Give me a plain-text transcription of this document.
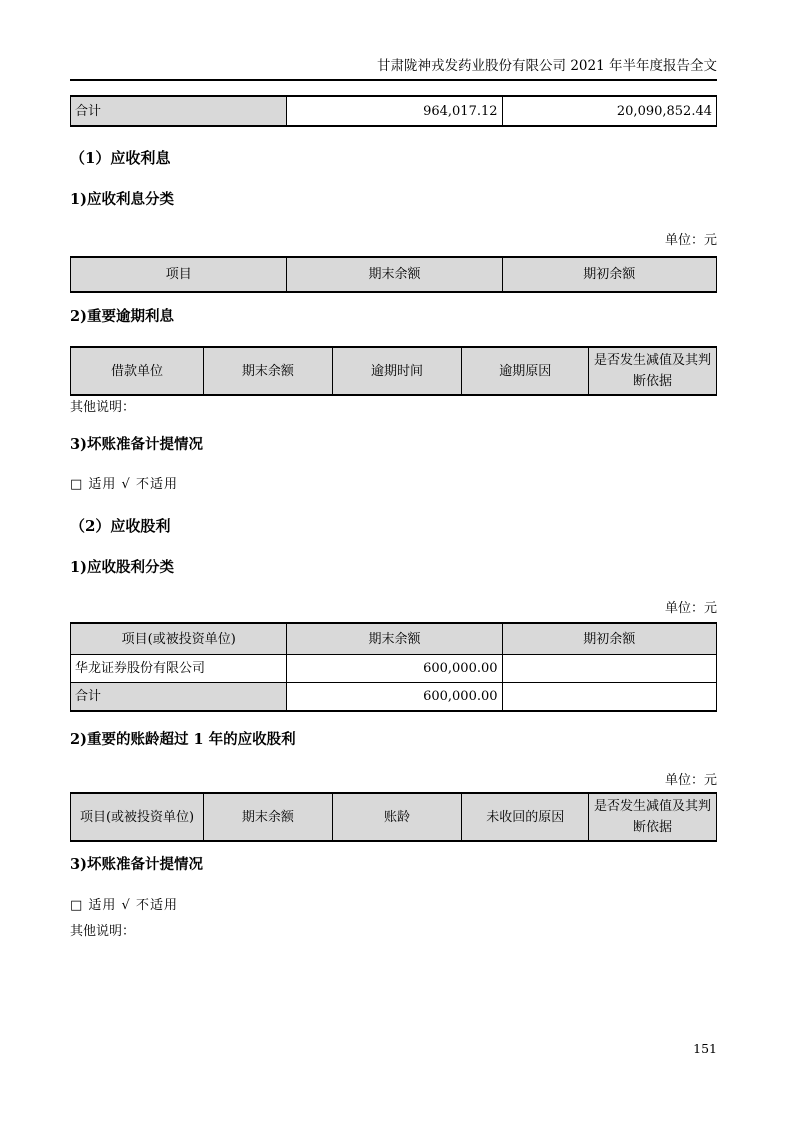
甘肃陇神戎发药业股份有限公司 2021 年半年度报告全文
合计	964,017.12	20,090,852.44
（1）应收利息
1)应收利息分类
单位：元
项目	期末余额	期初余额
2)重要逾期利息
借款单位	期末余额	逾期时间	逾期原因	是否发生减值及其判断依据
其他说明：
3)坏账准备计提情况
□ 适用 √ 不适用
（2）应收股利
1)应收股利分类
单位：元
项目(或被投资单位)	期末余额	期初余额
华龙证券股份有限公司	600,000.00	
合计	600,000.00	
2)重要的账龄超过 1 年的应收股利
单位：元
项目(或被投资单位)	期末余额	账龄	未收回的原因	是否发生减值及其判断依据
3)坏账准备计提情况
□ 适用 √ 不适用
其他说明：
151
